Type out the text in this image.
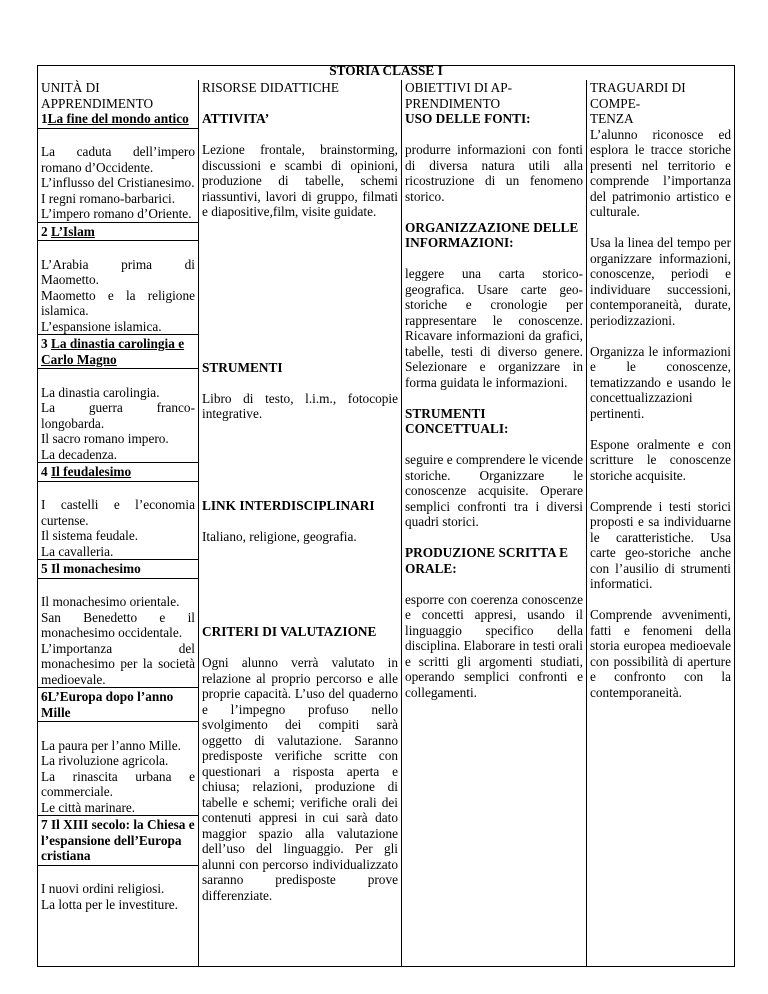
STORIA CLASSE I

UNITÀ DI
APPRENDIMENTO

1La fine del mondo antico

La caduta dell’impero romano d’Occidente.

L’influsso del Cristianesimo.

I regni romano-barbarici.

L’impero romano d’Oriente.

2 L’Islam

L’Arabia prima di Maometto.

Maometto e la religione islamica.

L’espansione islamica.

3 La dinastia carolingia e Carlo Magno

La dinastia carolingia.

La guerra franco-longobarda.

Il sacro romano impero.

La decadenza.

4 Il feudalesimo

I castelli e l’economia curtense.

Il sistema feudale.

La cavalleria.

5 Il monachesimo

Il monachesimo orientale.

San Benedetto e il monachesimo occidentale.

L’importanza del monachesimo per la società medioevale.

6L’Europa dopo l’anno Mille

La paura per l’anno Mille.

La rivoluzione agricola.

La rinascita urbana e commerciale.

Le città marinare.

7 Il XIII secolo: la Chiesa e l’espansione dell’Europa cristiana

I nuovi ordini religiosi.

La lotta per le investiture.

RISORSE DIDATTICHE

ATTIVITA’

Lezione frontale, brainstorming, discussioni e scambi di opinioni, produzione di tabelle, schemi riassuntivi, lavori di gruppo, filmati e diapositive,film, visite guidate.

STRUMENTI

Libro di testo, l.i.m., fotocopie integrative.

LINK INTERDISCIPLINARI

Italiano, religione, geografia.

CRITERI DI VALUTAZIONE

Ogni alunno verrà valutato in relazione al proprio percorso e alle proprie capacità. L’uso del quaderno e l’impegno profuso nello svolgimento dei compiti sarà oggetto di valutazione. Saranno predisposte verifiche scritte con questionari a risposta aperta e chiusa; relazioni, produzione di tabelle e schemi; verifiche orali dei contenuti appresi in cui sarà dato maggior spazio alla valutazione dell’uso del linguaggio. Per gli alunni con percorso individualizzato saranno predisposte prove differenziate.

OBIETTIVI DI AP-
PRENDIMENTO

USO DELLE FONTI:

produrre informazioni con fonti di diversa natura utili alla ricostruzione di un fenomeno storico.

ORGANIZZAZIONE DELLE INFORMAZIONI:

leggere una carta storico-geografica. Usare carte geo-storiche e cronologie per rappresentare le conoscenze. Ricavare informazioni da grafici, tabelle, testi di diverso genere. Selezionare e organizzare in forma guidata le informazioni.

STRUMENTI CONCETTUALI:

seguire e comprendere le vicende storiche. Organizzare le conoscenze acquisite. Operare semplici confronti tra i diversi quadri storici.

PRODUZIONE SCRITTA E ORALE:

esporre con coerenza conoscenze e concetti appresi, usando il linguaggio specifico della disciplina. Elaborare in testi orali e scritti gli argomenti studiati, operando semplici confronti e collegamenti.

TRAGUARDI DI COMPE-
TENZA

L’alunno riconosce ed esplora le tracce storiche presenti nel territorio e comprende l’importanza del patrimonio artistico e culturale.

Usa la linea del tempo per organizzare informazioni, conoscenze, periodi e individuare successioni, contemporaneità, durate, periodizzazioni.

Organizza le informazioni e le conoscenze, tematizzando e usando le concettualizzazioni pertinenti.

Espone oralmente e con scritture le conoscenze storiche acquisite.

Comprende i testi storici proposti e sa individuarne le caratteristiche. Usa carte geo-storiche anche con l’ausilio di strumenti informatici.

Comprende avvenimenti, fatti e fenomeni della storia europea medioevale con possibilità di aperture e confronto con la contemporaneità.
